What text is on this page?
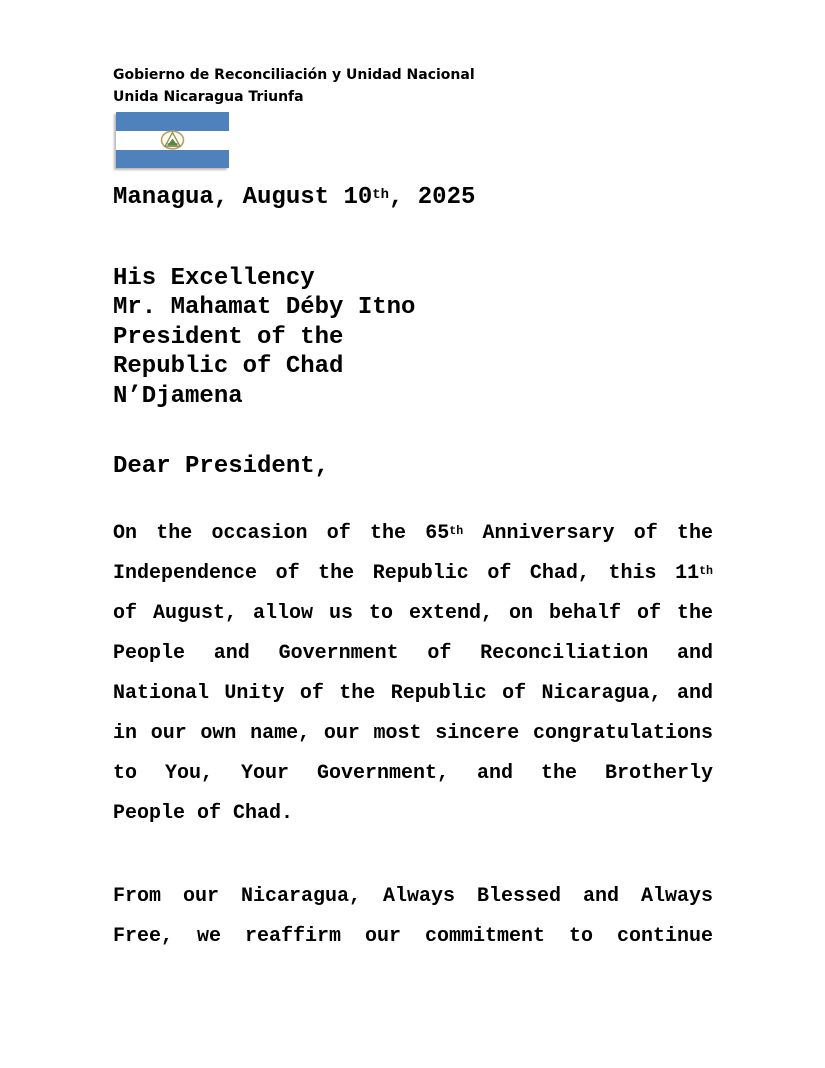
Gobierno de Reconciliación y Unidad Nacional
Unida Nicaragua Triunfa
Managua, August 10th, 2025
His Excellency
Mr. Mahamat Déby Itno
President of the
Republic of Chad
N’Djamena
Dear President,
On the occasion of the 65th Anniversary of the
Independence of the Republic of Chad, this 11th
of August, allow us to extend, on behalf of the
People and Government of Reconciliation and
National Unity of the Republic of Nicaragua, and
in our own name, our most sincere congratulations
to You, Your Government, and the Brotherly
People of Chad.
From our Nicaragua, Always Blessed and Always
Free, we reaffirm our commitment to continue
